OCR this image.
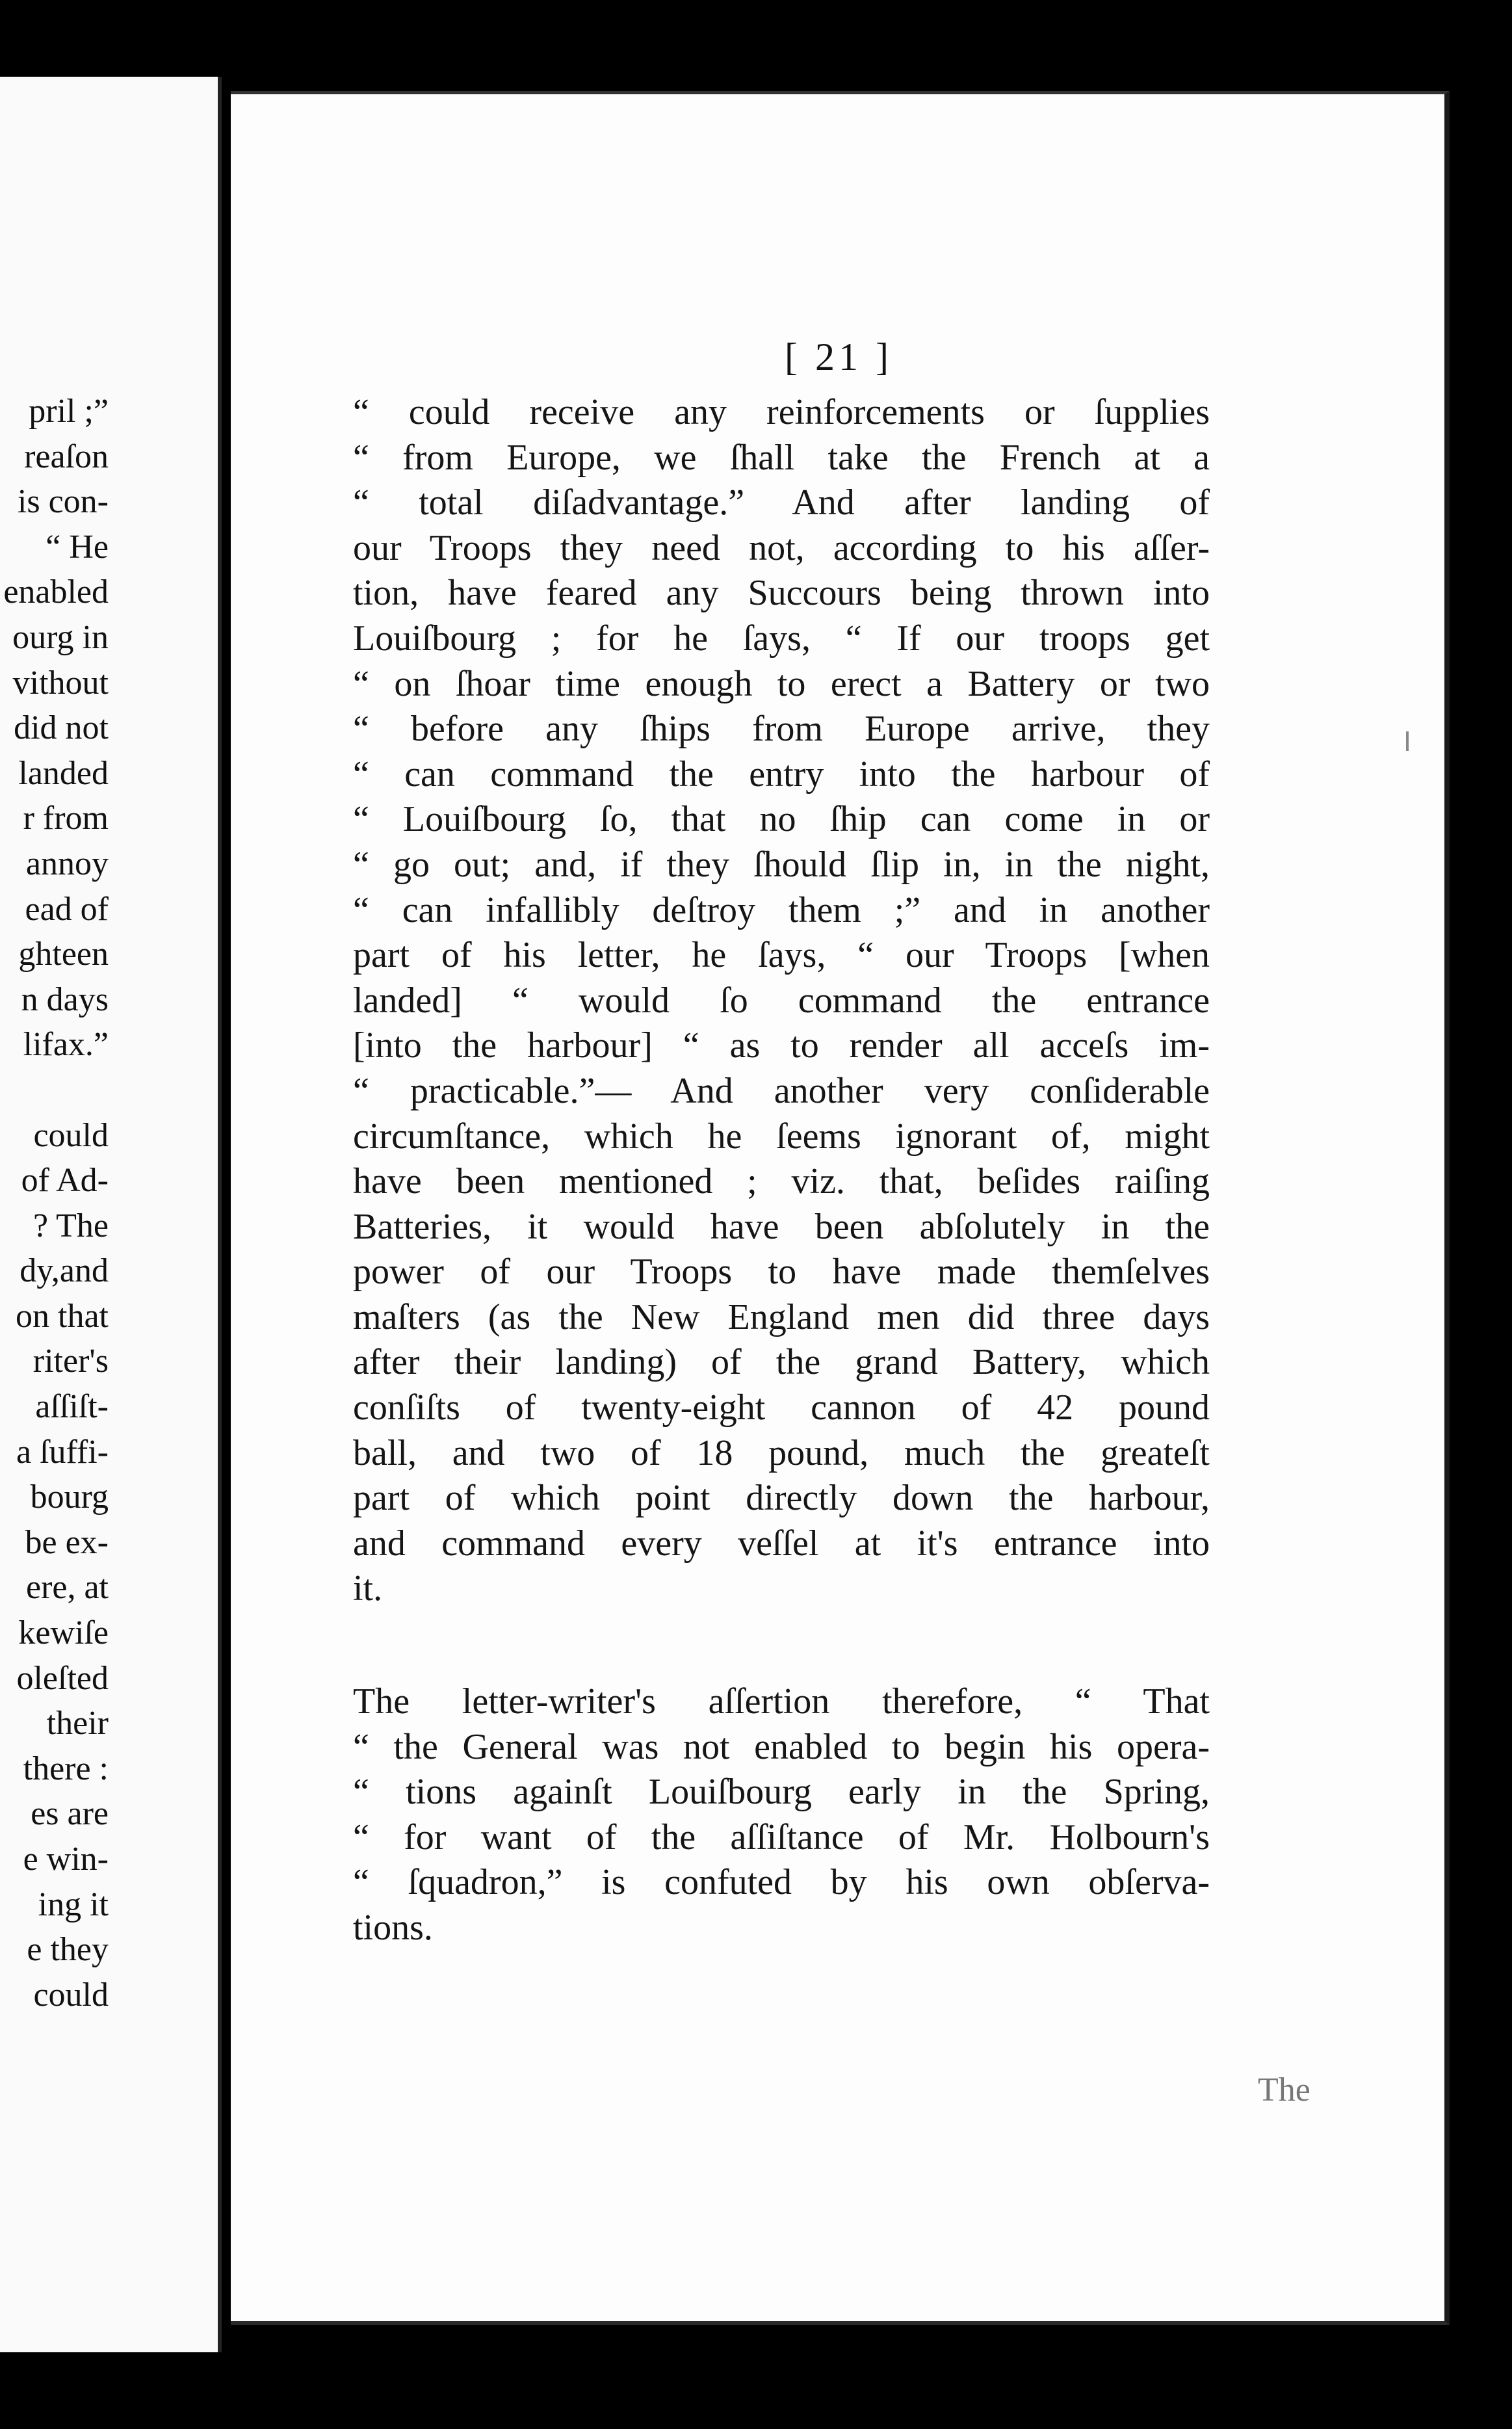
pril ;”
reaſon
is con-
“ He
enabled
ourg in
vithout
did not
landed
r from
annoy
ead of
ghteen
n days
lifax.”
could
of Ad-
? The
dy,and
on that
riter's
aſſiſt-
a ſuffi-
bourg
be ex-
ere, at
kewiſe
oleſted
their
there :
es are
e win-
ing it
e they
could
[ 21 ]
“ could receive any reinforcements or ſupplies
“ from Europe, we ſhall take the French at a
“ total diſadvantage.” And after landing of
our Troops they need not, according to his aſſer-
tion, have feared any Succours being thrown into
Louiſbourg ; for he ſays, “ If our troops get
“ on ſhoar time enough to erect a Battery or two
“ before any ſhips from Europe arrive, they
“ can command the entry into the harbour of
“ Louiſbourg ſo, that no ſhip can come in or
“ go out; and, if they ſhould ſlip in, in the night,
“ can infallibly deſtroy them ;” and in another
part of his letter, he ſays, “ our Troops [when
landed] “ would ſo command the entrance
[into the harbour] “ as to render all acceſs im-
“ practicable.”— And another very conſiderable
circumſtance, which he ſeems ignorant of, might
have been mentioned ; viz. that, beſides raiſing
Batteries, it would have been abſolutely in the
power of our Troops to have made themſelves
maſters (as the New England men did three days
after their landing) of the grand Battery, which
conſiſts of twenty-eight cannon of 42 pound
ball, and two of 18 pound, much the greateſt
part of which point directly down the harbour,
and command every veſſel at it's entrance into
it.
The letter-writer's aſſertion therefore, “ That
“ the General was not enabled to begin his opera-
“ tions againſt Louiſbourg early in the Spring,
“ for want of the aſſiſtance of Mr. Holbourn's
“ ſquadron,” is confuted by his own obſerva-
tions.
The
